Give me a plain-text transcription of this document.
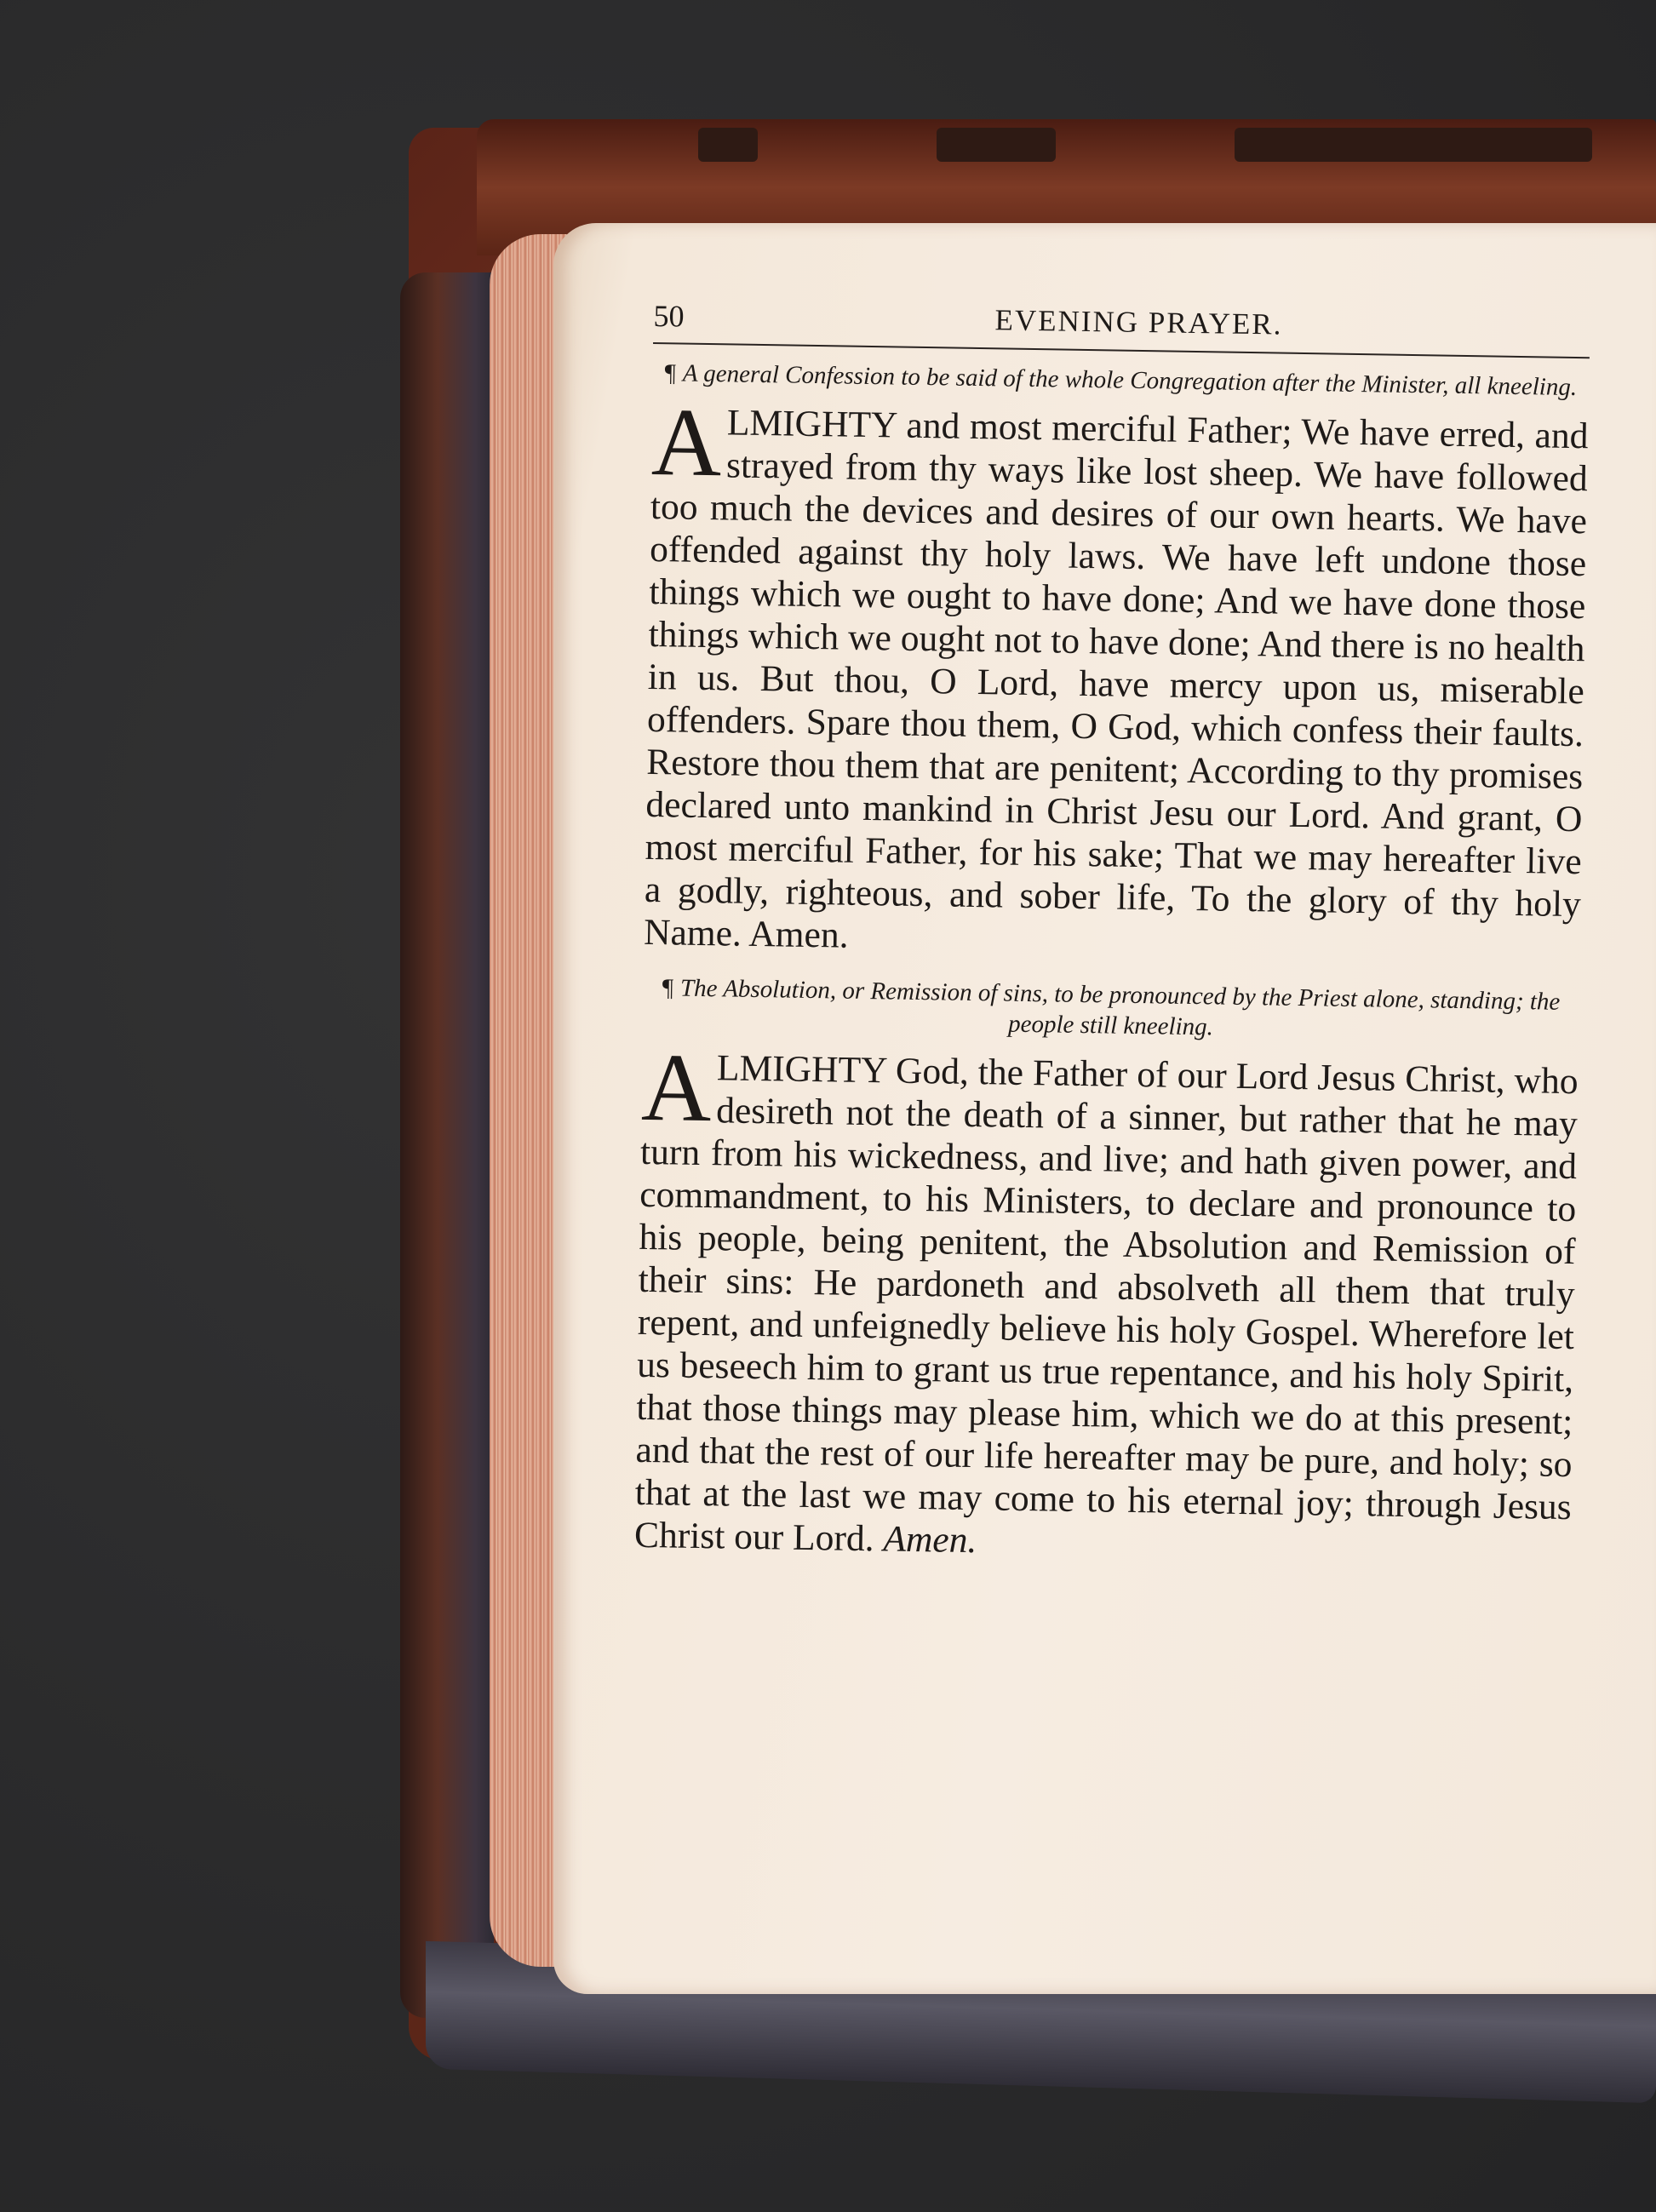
50	EVENING PRAYER.
¶ A general Confession to be said of the whole Congregation after the Minister, all kneeling.
ALMIGHTY and most merciful Father; We have erred, and strayed from thy ways like lost sheep. We have followed too much the devices and desires of our own hearts. We have offended against thy holy laws. We have left undone those things which we ought to have done; And we have done those things which we ought not to have done; And there is no health in us. But thou, O Lord, have mercy upon us, miserable offenders. Spare thou them, O God, which confess their faults. Restore thou them that are penitent; According to thy promises declared unto mankind in Christ Jesu our Lord. And grant, O most merciful Father, for his sake; That we may hereafter live a godly, righteous, and sober life, To the glory of thy holy Name. Amen.
¶ The Absolution, or Remission of sins, to be pronounced by the Priest alone, standing; the people still kneeling.
ALMIGHTY God, the Father of our Lord Jesus Christ, who desireth not the death of a sinner, but rather that he may turn from his wickedness, and live; and hath given power, and commandment, to his Ministers, to declare and pronounce to his people, being penitent, the Absolution and Remission of their sins: He pardoneth and absolveth all them that truly repent, and unfeignedly believe his holy Gospel. Wherefore let us beseech him to grant us true repentance, and his holy Spirit, that those things may please him, which we do at this present; and that the rest of our life hereafter may be pure, and holy; so that at the last we may come to his eternal joy; through Jesus Christ our Lord. Amen.
